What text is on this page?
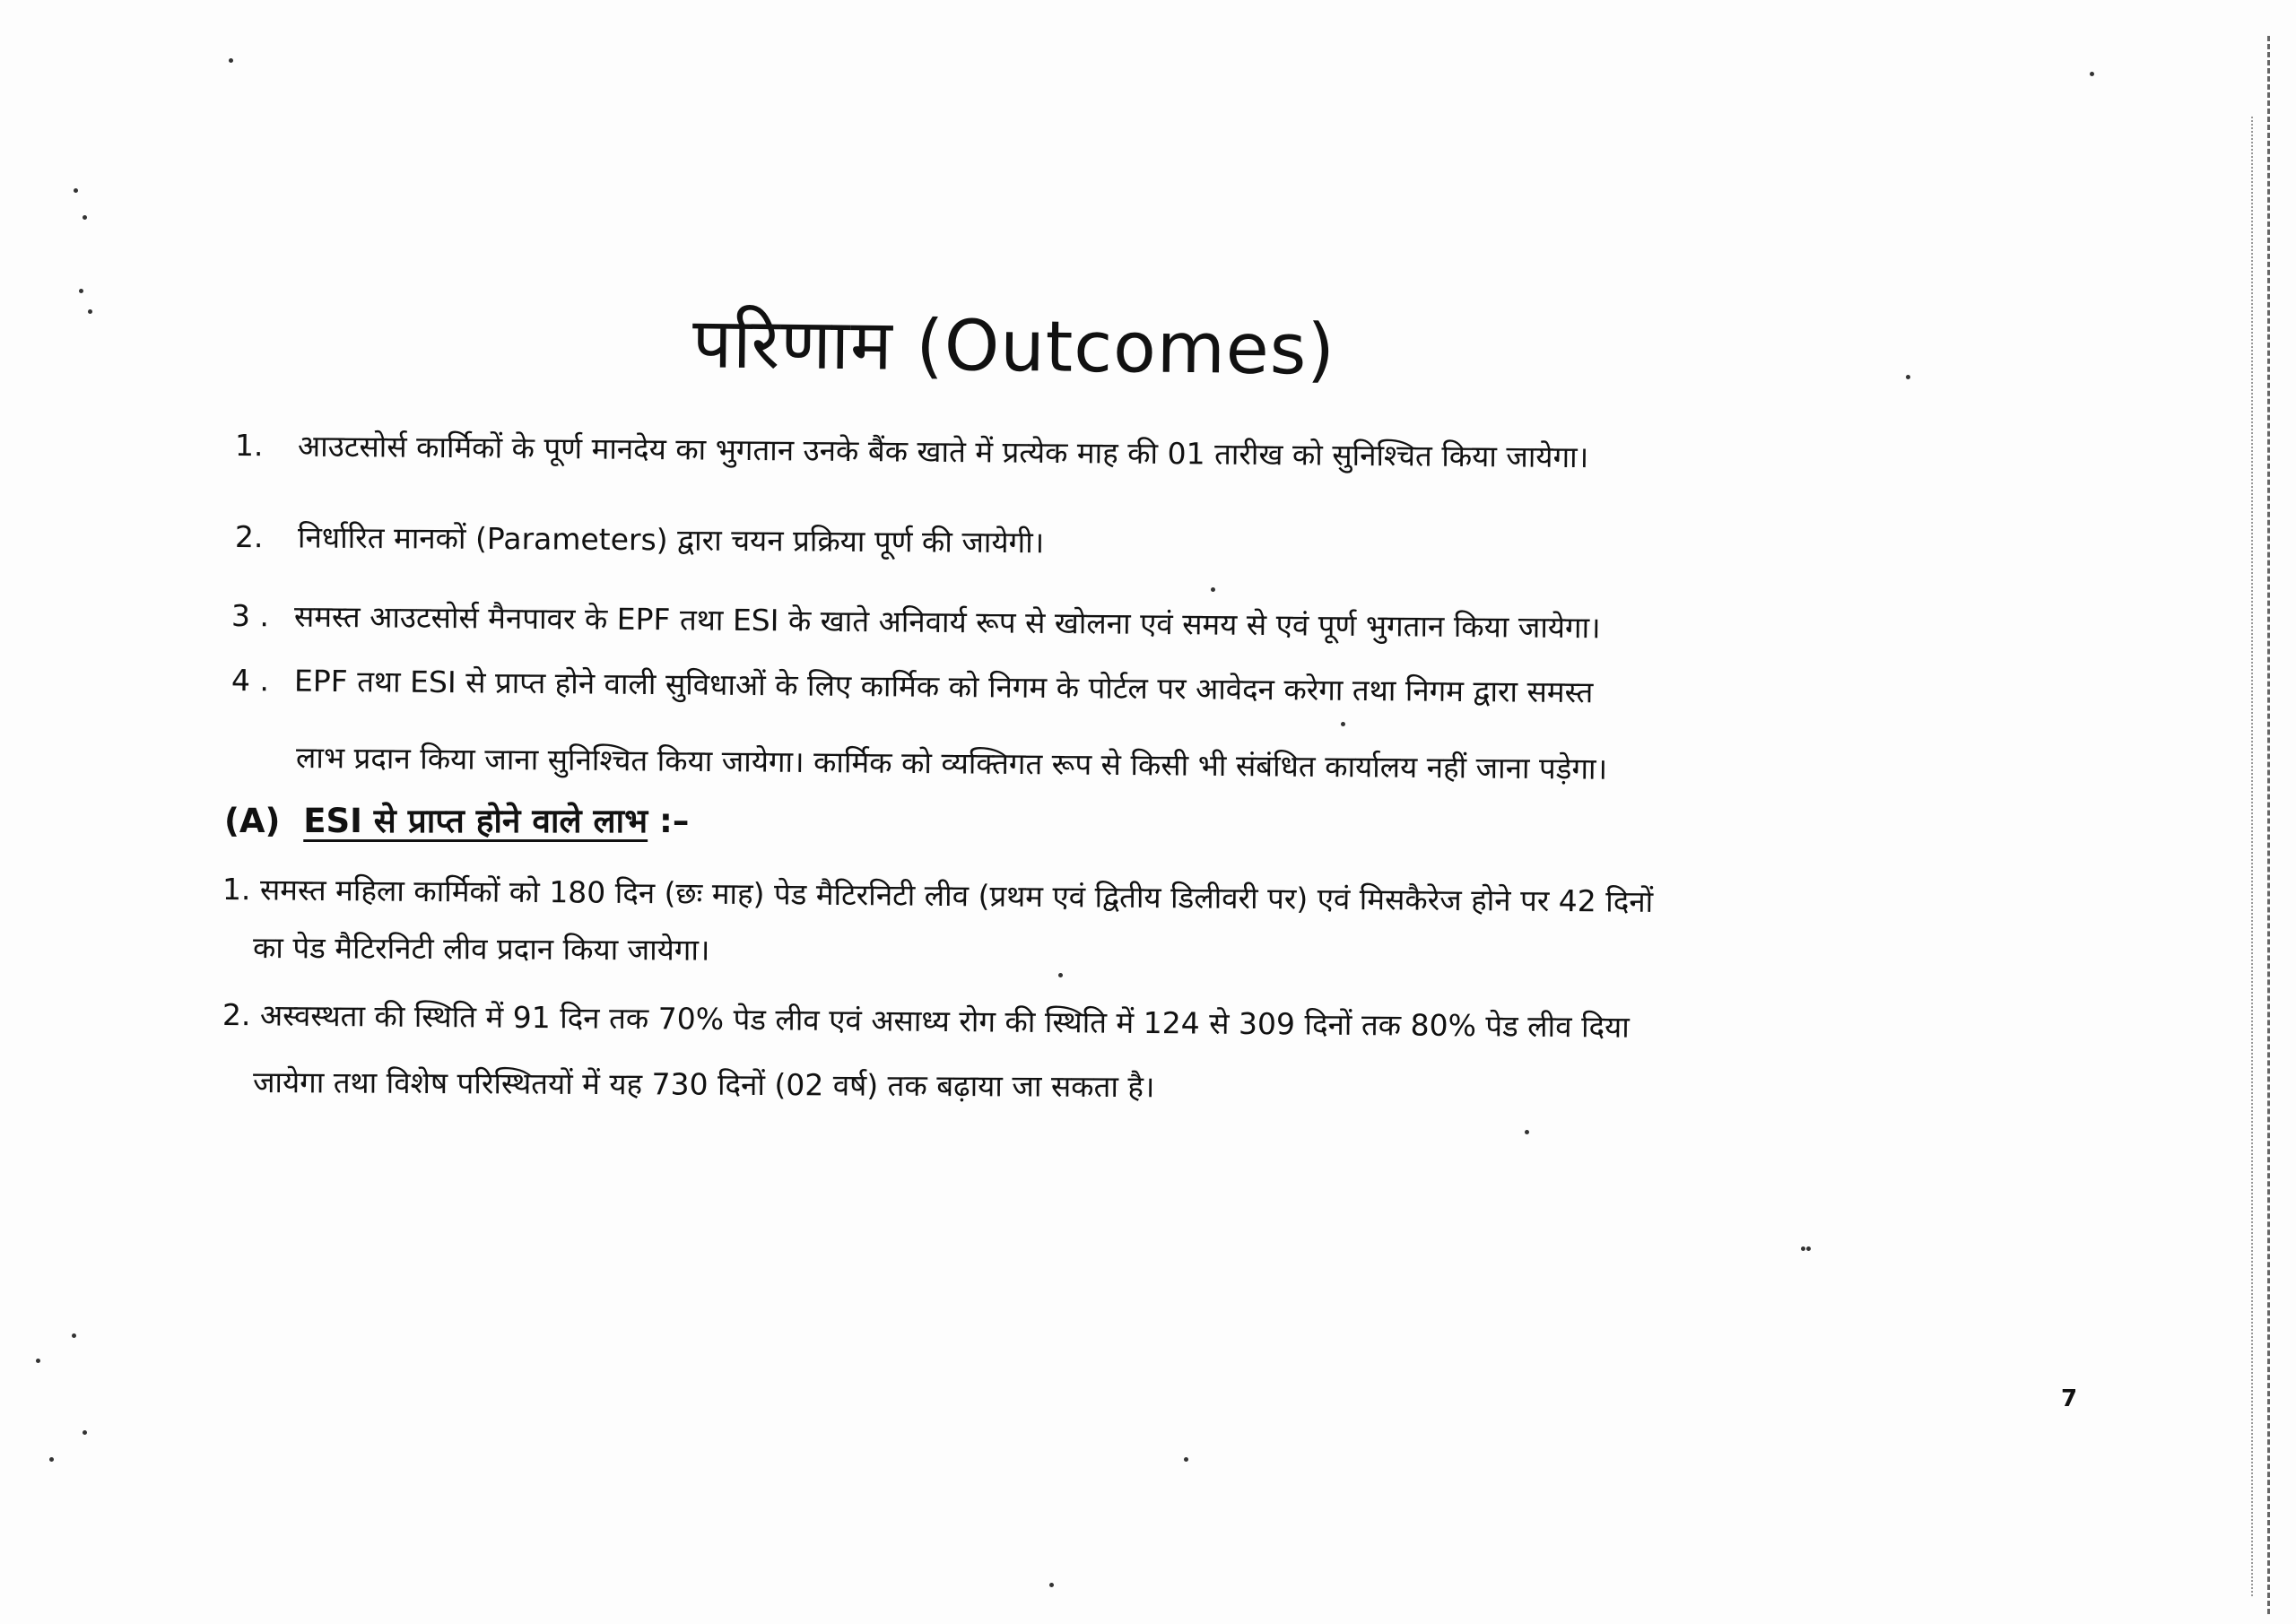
परिणाम (Outcomes)
1. आउटसोर्स कार्मिकों के पूर्ण मानदेय का भुगतान उनके बैंक खाते में प्रत्येक माह की 01 तारीख को सुनिश्चित किया जायेगा।
2. निर्धारित मानकों (Parameters) द्वारा चयन प्रक्रिया पूर्ण की जायेगी।
3 . समस्त आउटसोर्स मैनपावर के EPF तथा ESI के खाते अनिवार्य रूप से खोलना एवं समय से एवं पूर्ण भुगतान किया जायेगा।
4 . EPF तथा ESI से प्राप्त होने वाली सुविधाओं के लिए कार्मिक को निगम के पोर्टल पर आवेदन करेगा तथा निगम द्वारा समस्त
लाभ प्रदान किया जाना सुनिश्चित किया जायेगा। कार्मिक को व्यक्तिगत रूप से किसी भी संबंधित कार्यालय नहीं जाना पड़ेगा।
(A) ESI से प्राप्त होने वाले लाभ :–
1. समस्त महिला कार्मिकों को 180 दिन (छः माह) पेड मैटिरनिटी लीव (प्रथम एवं द्वितीय डिलीवरी पर) एवं मिसकैरेज होने पर 42 दिनों
का पेड मैटिरनिटी लीव प्रदान किया जायेगा।
2. अस्वस्थता की स्थिति में 91 दिन तक 70% पेड लीव एवं असाध्य रोग की स्थिति में 124 से 309 दिनों तक 80% पेड लीव दिया
जायेगा तथा विशेष परिस्थितयों में यह 730 दिनों (02 वर्ष) तक बढ़ाया जा सकता है।
7
